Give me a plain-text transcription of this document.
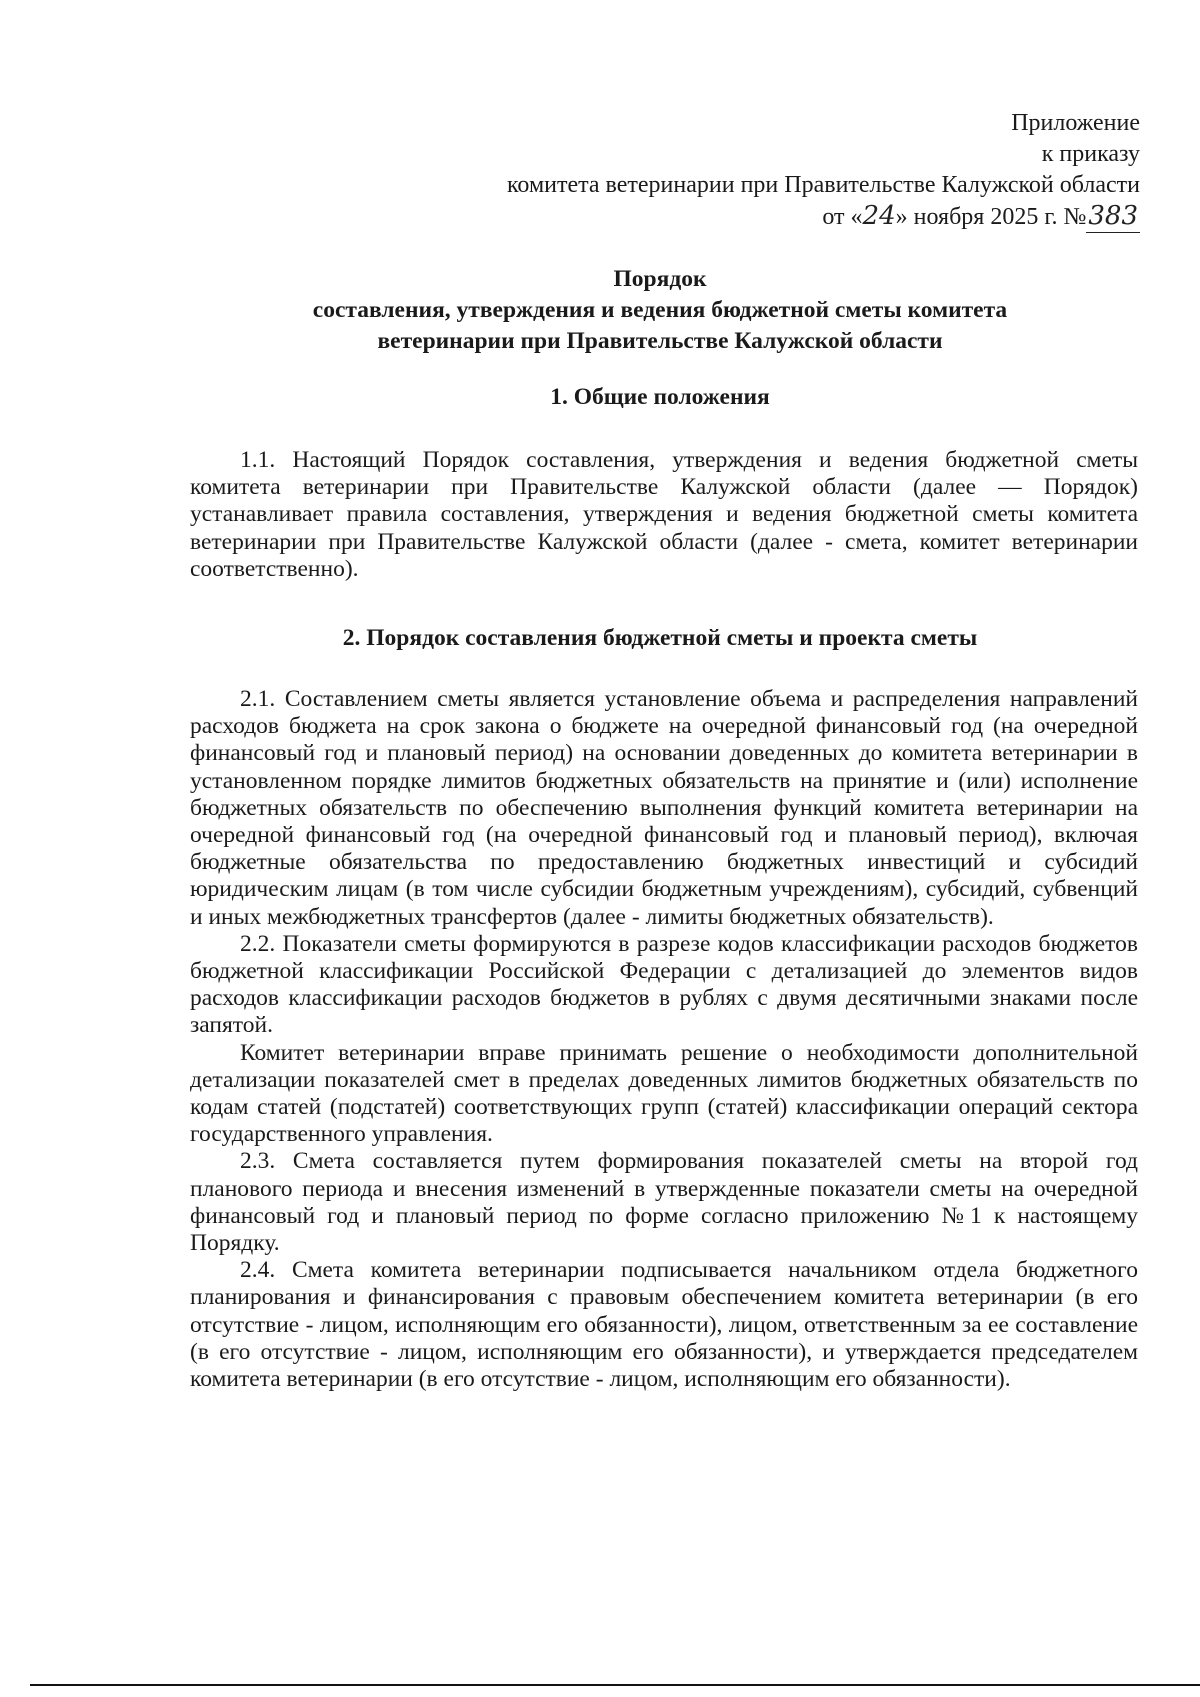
Приложение
к приказу
комитета ветеринарии при Правительстве Калужской области
от «24» ноября 2025 г. №383
Порядок
составления, утверждения и ведения бюджетной сметы комитета
ветеринарии при Правительстве Калужской области
1. Общие положения

1.1. Настоящий Порядок составления, утверждения и ведения бюджетной сметы комитета ветеринарии при Правительстве Калужской области (далее — Порядок) устанавливает правила составления, утверждения и ведения бюджетной сметы комитета ветеринарии при Правительстве Калужской области (далее - смета, комитет ветеринарии соответственно).

2. Порядок составления бюджетной сметы и проекта сметы

2.1. Составлением сметы является установление объема и распределения направлений расходов бюджета на срок закона о бюджете на очередной финансовый год (на очередной финансовый год и плановый период) на основании доведенных до комитета ветеринарии в установленном порядке лимитов бюджетных обязательств на принятие и (или) исполнение бюджетных обязательств по обеспечению выполнения функций комитета ветеринарии на очередной финансовый год (на очередной финансовый год и плановый период), включая бюджетные обязательства по предоставлению бюджетных инвестиций и субсидий юридическим лицам (в том числе субсидии бюджетным учреждениям), субсидий, субвенций и иных межбюджетных трансфертов (далее - лимиты бюджетных обязательств).

2.2. Показатели сметы формируются в разрезе кодов классификации расходов бюджетов бюджетной классификации Российской Федерации с детализацией до элементов видов расходов классификации расходов бюджетов в рублях с двумя десятичными знаками после запятой.

Комитет ветеринарии вправе принимать решение о необходимости дополнительной детализации показателей смет в пределах доведенных лимитов бюджетных обязательств по кодам статей (подстатей) соответствующих групп (статей) классификации операций сектора государственного управления.

2.3. Смета составляется путем формирования показателей сметы на второй год планового периода и внесения изменений в утвержденные показатели сметы на очередной финансовый год и плановый период по форме согласно приложению №1 к настоящему Порядку.

2.4. Смета комитета ветеринарии подписывается начальником отдела бюджетного планирования и финансирования с правовым обеспечением комитета ветеринарии (в его отсутствие - лицом, исполняющим его обязанности), лицом, ответственным за ее составление (в его отсутствие - лицом, исполняющим его обязанности), и утверждается председателем комитета ветеринарии (в его отсутствие - лицом, исполняющим его обязанности).
